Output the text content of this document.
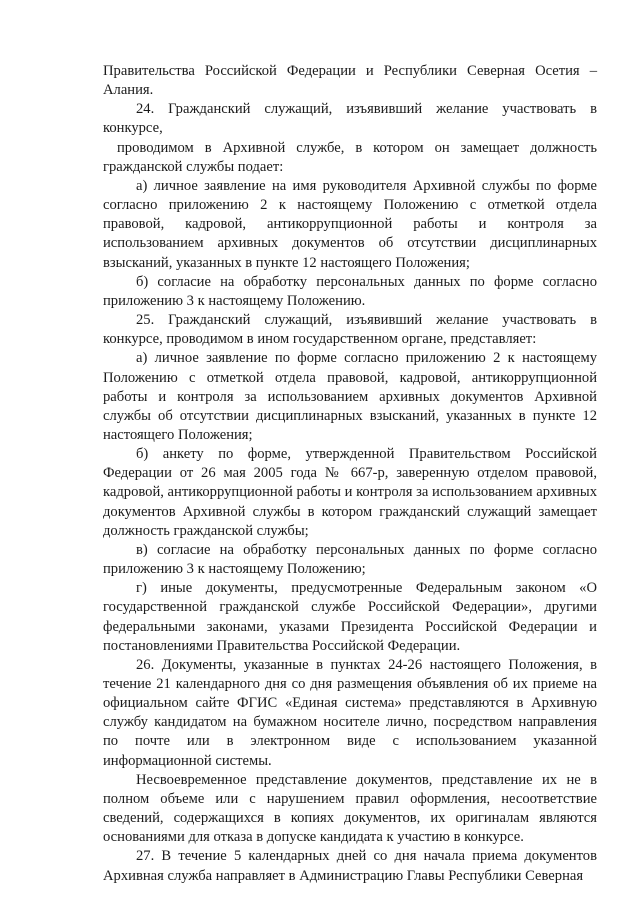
Правительства Российской Федерации и Республики Северная Осетия – Алания.

24. Гражданский служащий, изъявивший желание участвовать в конкурсе,

проводимом в Архивной службе, в котором он замещает должность гражданской службы подает:

а) личное заявление на имя руководителя Архивной службы по форме согласно приложению 2 к настоящему Положению с отметкой отдела правовой, кадровой, антикоррупционной работы и контроля за использованием архивных документов об отсутствии дисциплинарных взысканий, указанных в пункте 12 настоящего Положения;

б) согласие на обработку персональных данных по форме согласно приложению 3 к настоящему Положению.

25. Гражданский служащий, изъявивший желание участвовать в конкурсе, проводимом в ином государственном органе, представляет:

а) личное заявление по форме согласно приложению 2 к настоящему Положению с отметкой отдела правовой, кадровой, антикоррупционной работы и контроля за использованием архивных документов Архивной службы об отсутствии дисциплинарных взысканий, указанных в пункте 12 настоящего Положения;

б) анкету по форме, утвержденной Правительством Российской Федерации от 26 мая 2005 года № 667-р, заверенную отделом правовой, кадровой, антикоррупционной работы и контроля за использованием архивных документов Архивной службы в котором гражданский служащий замещает должность гражданской службы;

в) согласие на обработку персональных данных по форме согласно приложению 3 к настоящему Положению;

г) иные документы, предусмотренные Федеральным законом «О государственной гражданской службе Российской Федерации», другими федеральными законами, указами Президента Российской Федерации и постановлениями Правительства Российской Федерации.

26. Документы, указанные в пунктах 24-26 настоящего Положения, в течение 21 календарного дня со дня размещения объявления об их приеме на официальном сайте ФГИС «Единая система» представляются в Архивную службу кандидатом на бумажном носителе лично, посредством направления по почте или в электронном виде с использованием указанной информационной системы.

Несвоевременное представление документов, представление их не в полном объеме или с нарушением правил оформления, несоответствие сведений, содержащихся в копиях документов, их оригиналам являются основаниями для отказа в допуске кандидата к участию в конкурсе.

27. В течение 5 календарных дней со дня начала приема документов Архивная служба направляет в Администрацию Главы Республики Северная
